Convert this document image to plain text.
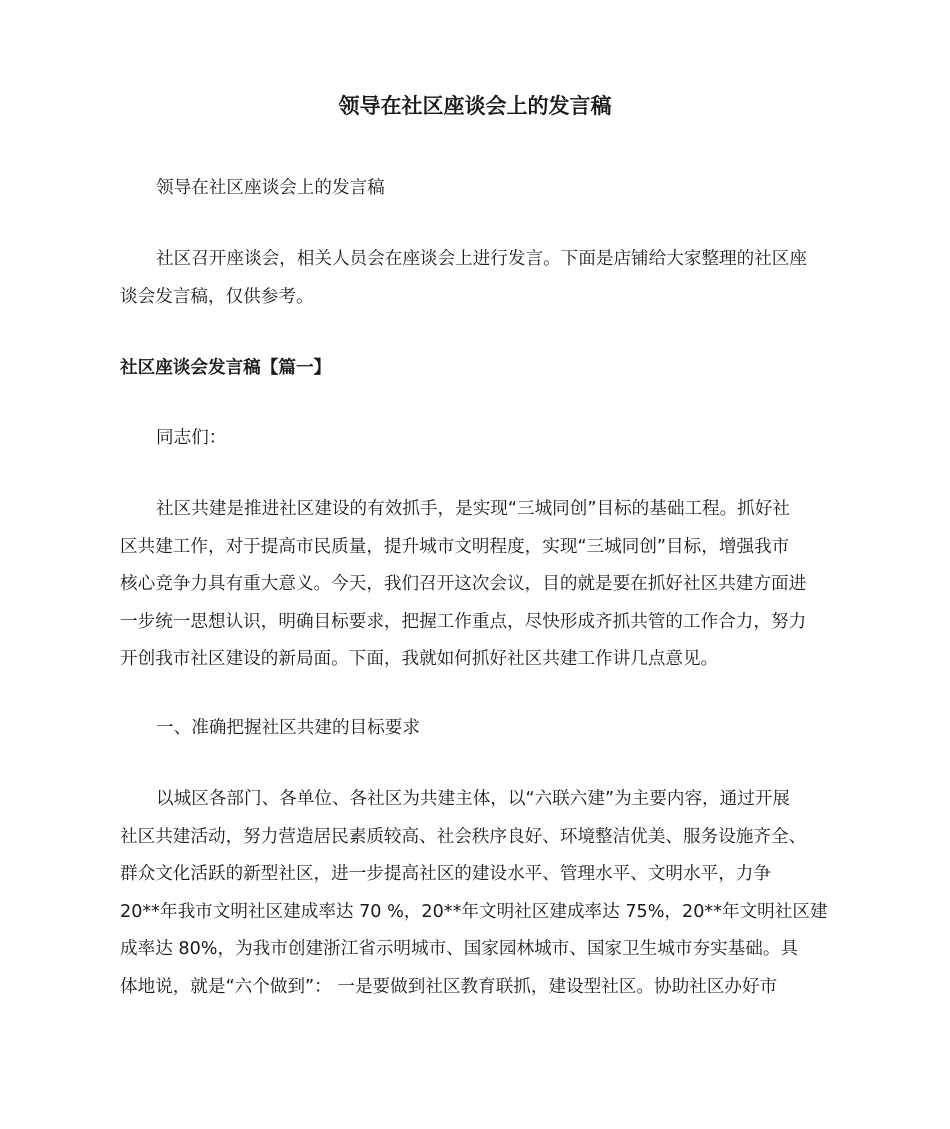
领导在社区座谈会上的发言稿

领导在社区座谈会上的发言稿

社区召开座谈会，相关人员会在座谈会上进行发言。下面是店铺给大家整理的社区座
谈会发言稿，仅供参考。

社区座谈会发言稿【篇一】

同志们：

社区共建是推进社区建设的有效抓手，是实现“三城同创”目标的基础工程。抓好社
区共建工作，对于提高市民质量，提升城市文明程度，实现“三城同创”目标，增强我市
核心竞争力具有重大意义。今天，我们召开这次会议，目的就是要在抓好社区共建方面进
一步统一思想认识，明确目标要求，把握工作重点，尽快形成齐抓共管的工作合力，努力
开创我市社区建设的新局面。下面，我就如何抓好社区共建工作讲几点意见。

一、准确把握社区共建的目标要求

以城区各部门、各单位、各社区为共建主体，以“六联六建”为主要内容，通过开展
社区共建活动，努力营造居民素质较高、社会秩序良好、环境整洁优美、服务设施齐全、
群众文化活跃的新型社区，进一步提高社区的建设水平、管理水平、文明水平，力争
20**年我市文明社区建成率达 70 %，20**年文明社区建成率达 75%，20**年文明社区建
成率达 80%，为我市创建浙江省示明城市、国家园林城市、国家卫生城市夯实基础。具
体地说，就是“六个做到”： 一是要做到社区教育联抓，建设型社区。协助社区办好市
